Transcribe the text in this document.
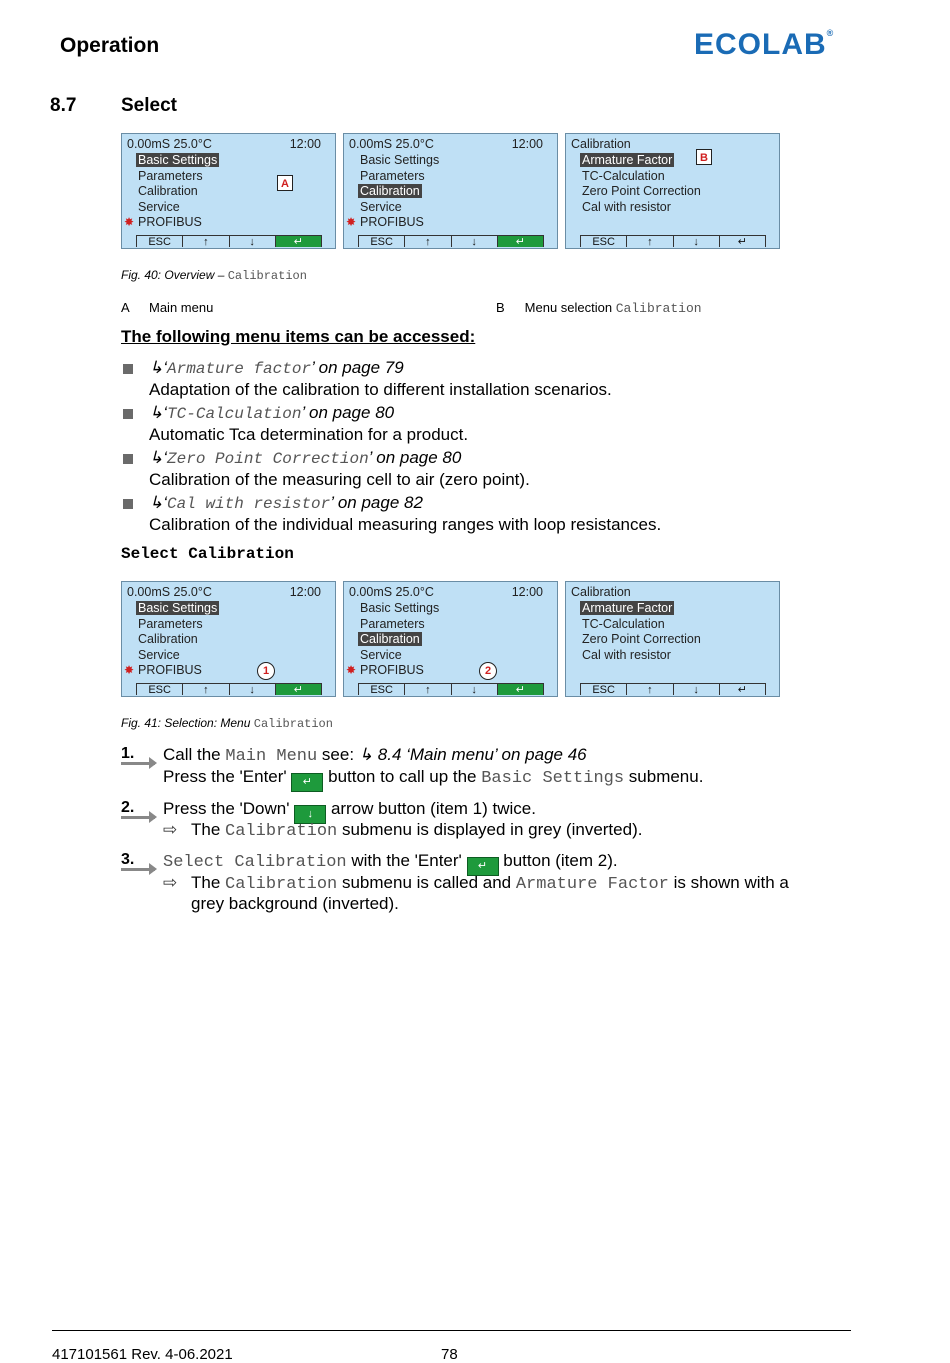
Operation	ECOLAB®
8.7 Select
0.00mS 25.0°C	12:00
Basic Settings
Parameters
Calibration
Service
PROFIBUS
✸
ESC	↑	↓	↵
A
0.00mS 25.0°C	12:00
Basic Settings
Parameters
Calibration
Service
PROFIBUS
✸
ESC	↑	↓	↵
Calibration
Armature Factor
TC-Calculation
Zero Point Correction
Cal with resistor
ESC	↑	↓	↵
B
Fig. 40: Overview – Calibration
A Main menu	B Menu selection Calibration
The following menu items can be accessed:
↳‘Armature factor’ on page 79
Adaptation of the calibration to different installation scenarios.
↳‘TC-Calculation’ on page 80
Automatic Tca determination for a product.
↳‘Zero Point Correction’ on page 80
Calibration of the measuring cell to air (zero point).
↳‘Cal with resistor’ on page 82
Calibration of the individual measuring ranges with loop resistances.
Select Calibration
0.00mS 25.0°C	12:00
Basic Settings
Parameters
Calibration
Service
PROFIBUS
✸
ESC	↑	↓	↵
1
0.00mS 25.0°C	12:00
Basic Settings
Parameters
Calibration
Service
PROFIBUS
✸
ESC	↑	↓	↵
2
Calibration
Armature Factor
TC-Calculation
Zero Point Correction
Cal with resistor
ESC	↑	↓	↵
Fig. 41: Selection: Menu Calibration
1. Call the Main Menu see: ↳ 8.4 ‘Main menu’ on page 46
Press the 'Enter' ↵ button to call up the Basic Settings submenu.
2. Press the 'Down' ↓ arrow button (item 1) twice.
⇨ The Calibration submenu is displayed in grey (inverted).
3. Select Calibration with the 'Enter' ↵ button (item 2).
⇨ The Calibration submenu is called and Armature Factor is shown with a
grey background (inverted).
417101561 Rev. 4-06.2021	78
